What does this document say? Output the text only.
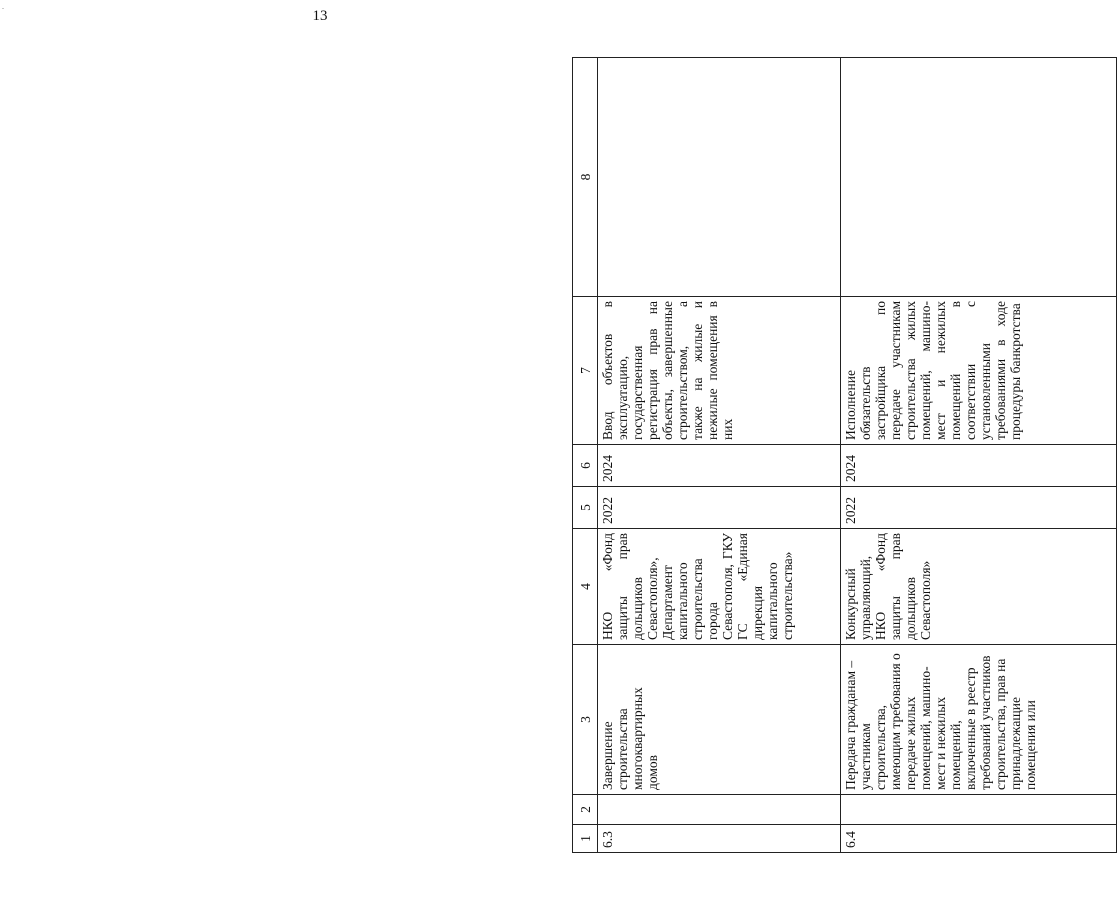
.
13
1	2	3	4	5	6	7	8
6.3		Завершение строительства многоквартирных домов	НКО «Фонд защиты прав дольщиков Севастополя», Департамент капитального строительства города Севастополя, ГКУ ГС «Единая дирекция капитального строительства»	2022	2024	Ввод объектов в эксплуатацию, государственная регистрация прав на объекты, завершенные строительством, а также на жилые и нежилые помещения в них	
6.4		Передача гражданам – участникам строительства, имеющим требования о передаче жилых помещений, машино-мест и нежилых помещений, включенные в реестр требований участников строительства, прав на принадлежащие помещения или	Конкурсный управляющий, НКО «Фонд защиты прав дольщиков Севастополя»	2022	2024	Исполнение обязательств застройщика по передаче участникам строительства жилых помещений, машино-мест и нежилых помещений в соответствии с установленными требованиями в ходе процедуры банкротства	
